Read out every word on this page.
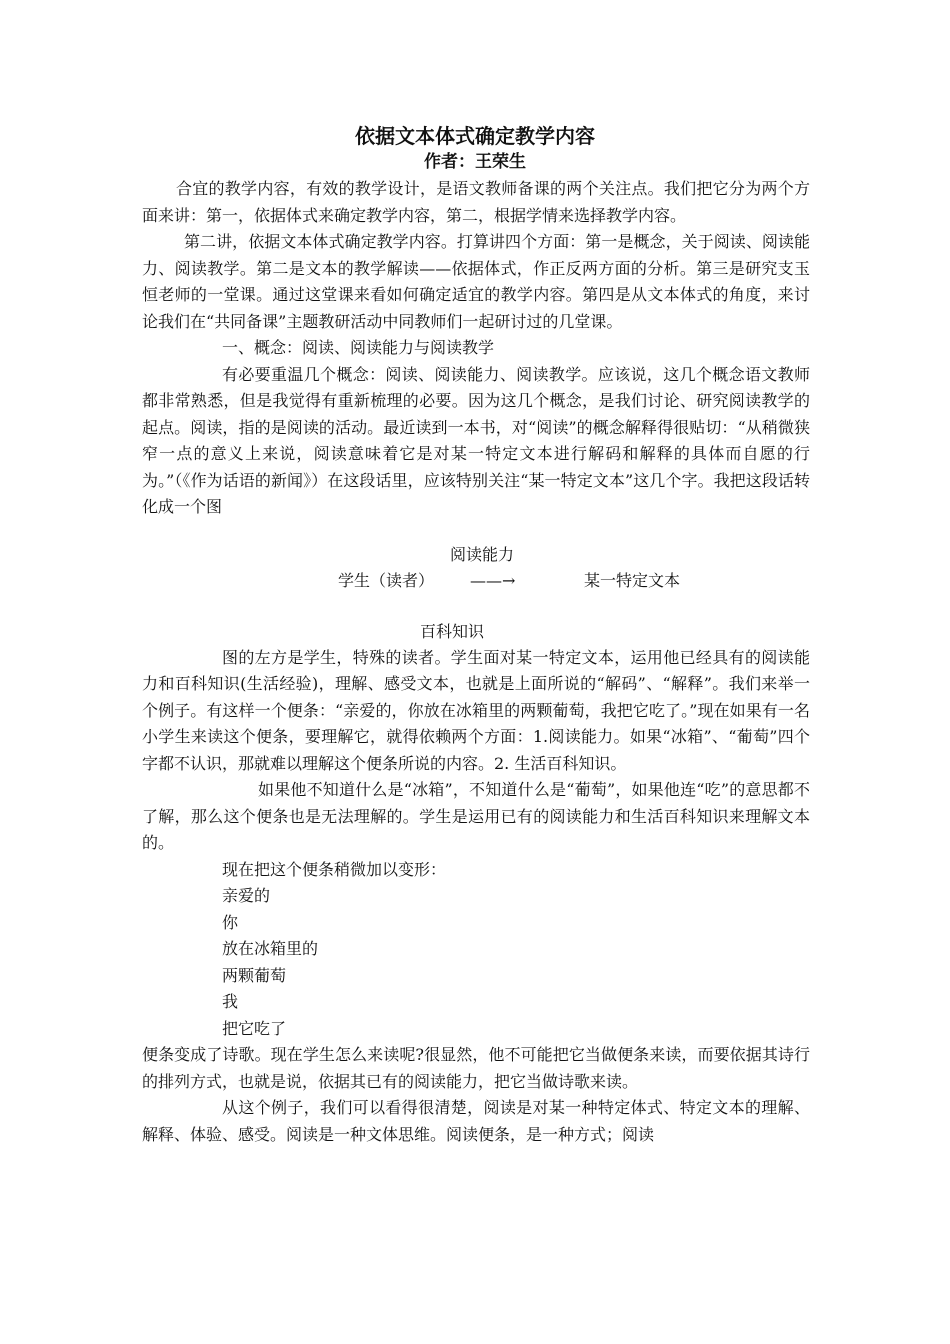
依据文本体式确定教学内容
作者：王荣生

合宜的教学内容，有效的教学设计，是语文教师备课的两个关注点。我们把它分为两个方面来讲：第一，依据体式来确定教学内容，第二，根据学情来选择教学内容。

第二讲，依据文本体式确定教学内容。打算讲四个方面：第一是概念，关于阅读、阅读能力、阅读教学。第二是文本的教学解读——依据体式，作正反两方面的分析。第三是研究支玉恒老师的一堂课。通过这堂课来看如何确定适宜的教学内容。第四是从文本体式的角度，来讨论我们在“共同备课”主题教研活动中同教师们一起研讨过的几堂课。

一、概念：阅读、阅读能力与阅读教学

有必要重温几个概念：阅读、阅读能力、阅读教学。应该说，这几个概念语文教师都非常熟悉，但是我觉得有重新梳理的必要。因为这几个概念，是我们讨论、研究阅读教学的起点。阅读，指的是阅读的活动。最近读到一本书，对“阅读”的概念解释得很贴切：“从稍微狭窄一点的意义上来说，阅读意味着它是对某一特定文本进行解码和解释的具体而自愿的行为。”（《作为话语的新闻》）在这段话里，应该特别关注“某一特定文本”这几个字。我把这段话转化成一个图

阅读能力
学生（读者） ——→	某一特定文本
百科知识

图的左方是学生，特殊的读者。学生面对某一特定文本，运用他已经具有的阅读能力和百科知识(生活经验)，理解、感受文本，也就是上面所说的“解码”、“解释”。我们来举一个例子。有这样一个便条：“亲爱的，你放在冰箱里的两颗葡萄，我把它吃了。”现在如果有一名小学生来读这个便条，要理解它，就得依赖两个方面：1.阅读能力。如果“冰箱”、“葡萄”四个字都不认识，那就难以理解这个便条所说的内容。2. 生活百科知识。

如果他不知道什么是“冰箱”，不知道什么是“葡萄”，如果他连“吃”的意思都不了解，那么这个便条也是无法理解的。学生是运用已有的阅读能力和生活百科知识来理解文本的。

现在把这个便条稍微加以变形：

亲爱的

你

放在冰箱里的

两颗葡萄

我

把它吃了

便条变成了诗歌。现在学生怎么来读呢?很显然，他不可能把它当做便条来读，而要依据其诗行的排列方式，也就是说，依据其已有的阅读能力，把它当做诗歌来读。

从这个例子，我们可以看得很清楚，阅读是对某一种特定体式、特定文本的理解、解释、体验、感受。阅读是一种文体思维。阅读便条，是一种方式；阅读
